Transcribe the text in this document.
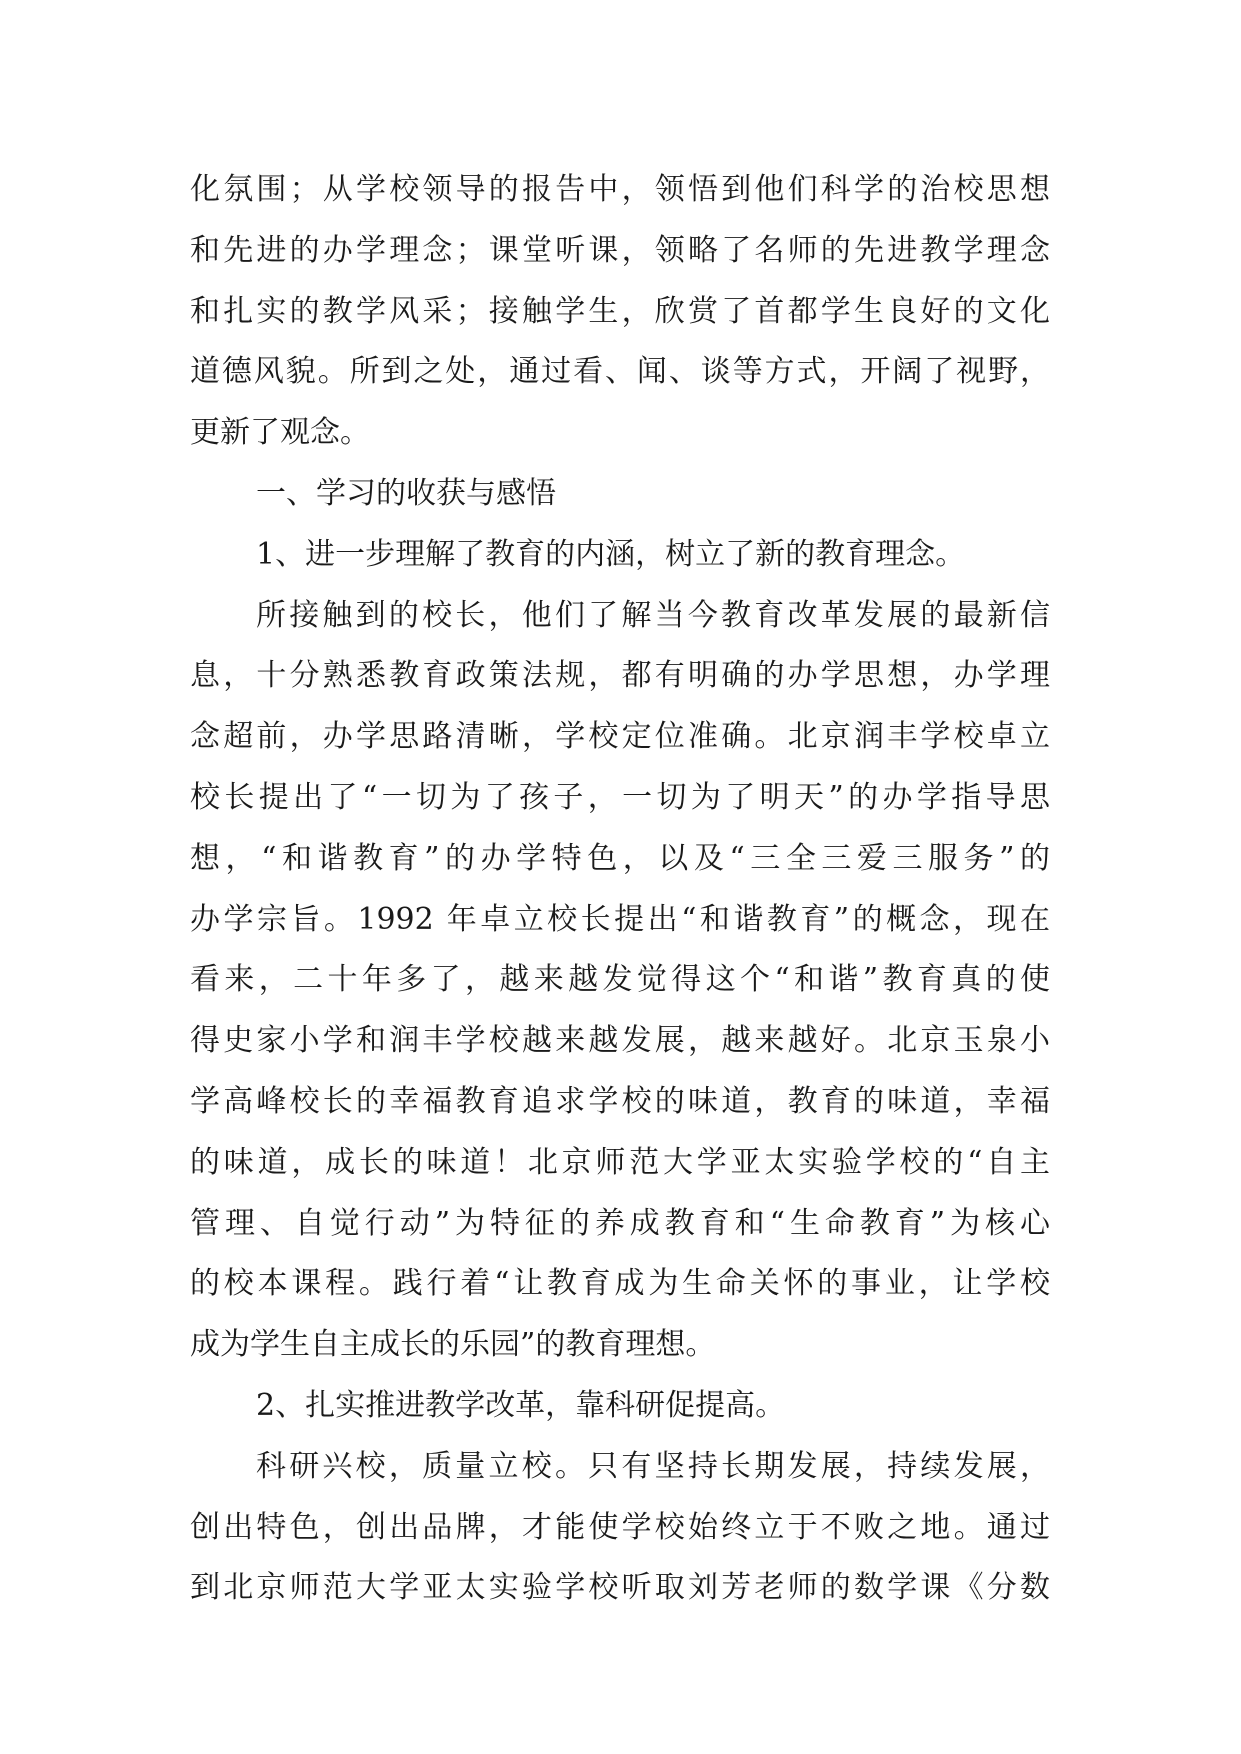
化氛围；从学校领导的报告中，领悟到他们科学的治校思想
和先进的办学理念；课堂听课，领略了名师的先进教学理念
和扎实的教学风采；接触学生，欣赏了首都学生良好的文化
道德风貌。所到之处，通过看、闻、谈等方式，开阔了视野，
更新了观念。
一、学习的收获与感悟
1、进一步理解了教育的内涵，树立了新的教育理念。
所接触到的校长，他们了解当今教育改革发展的最新信
息，十分熟悉教育政策法规，都有明确的办学思想，办学理
念超前，办学思路清晰，学校定位准确。北京润丰学校卓立
校长提出了“一切为了孩子，一切为了明天”的办学指导思
想，“和谐教育”的办学特色，以及“三全三爱三服务”的
办学宗旨。1992 年卓立校长提出“和谐教育”的概念，现在
看来，二十年多了，越来越发觉得这个“和谐”教育真的使
得史家小学和润丰学校越来越发展，越来越好。北京玉泉小
学高峰校长的幸福教育追求学校的味道，教育的味道，幸福
的味道，成长的味道！北京师范大学亚太实验学校的“自主
管理、自觉行动”为特征的养成教育和“生命教育”为核心
的校本课程。践行着“让教育成为生命关怀的事业，让学校
成为学生自主成长的乐园”的教育理想。
2、扎实推进教学改革，靠科研促提高。
科研兴校，质量立校。只有坚持长期发展，持续发展，
创出特色，创出品牌，才能使学校始终立于不败之地。通过
到北京师范大学亚太实验学校听取刘芳老师的数学课《分数
